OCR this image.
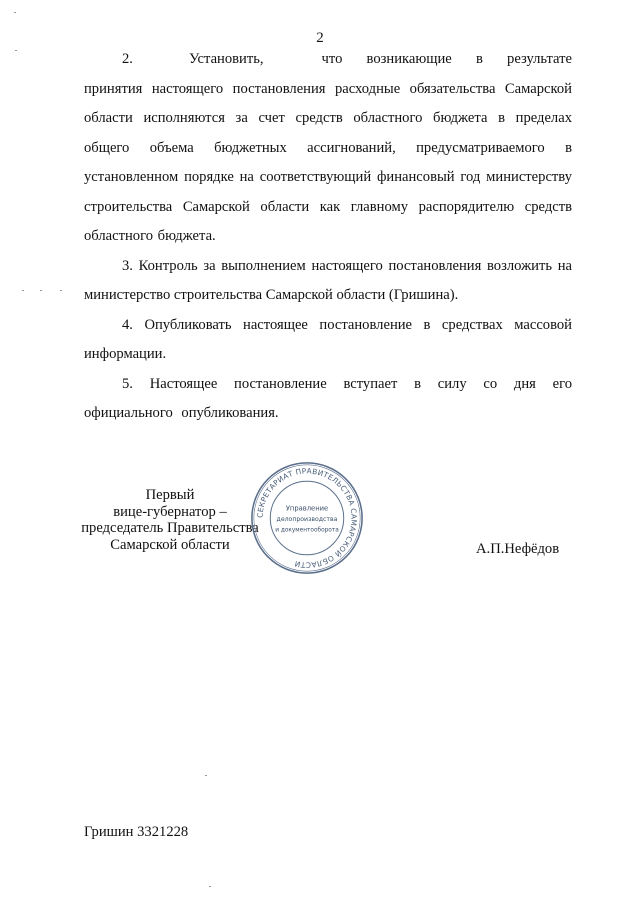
2

2.	Установить,	что возникающие в результате принятия настоящего постановления расходные обязательства Самарской области исполняются за счет средств областного бюджета в пределах общего объема бюджетных ассигнований, предусматриваемого в установленном порядке на соответствующий финансовый год министерству строительства Самарской области как главному распорядителю средств областного бюджета.

3. Контроль за выполнением настоящего постановления возложить на министерство строительства Самарской области (Гришина).

4. Опубликовать настоящее постановление в средствах массовой информации.

5. Настоящее постановление вступает в силу со дня его официального опубликования.

Первый
вице-губернатор –
председатель Правительства
Самарской области
СЕКРЕТАРИАТ ПРАВИТЕЛЬСТВА САМАРСКОЙ ОБЛАСТИ
Управление
делопроизводства
и документооборота
А.П.Нефёдов
Гришин 3321228
